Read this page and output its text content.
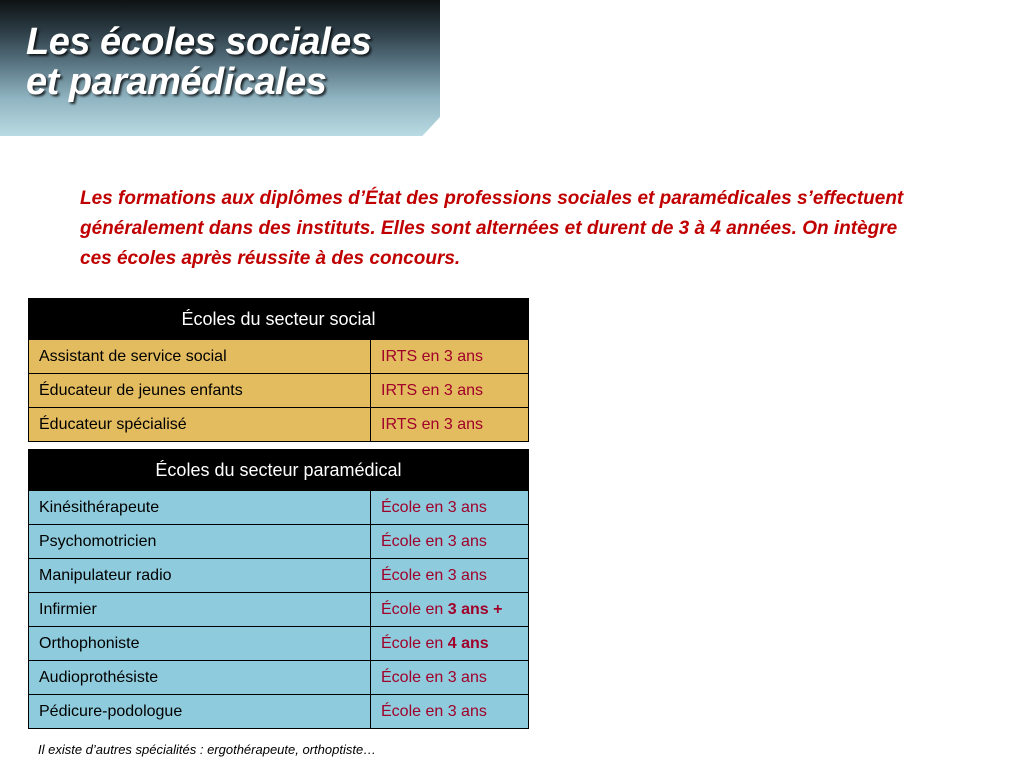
Les écoles sociales
et paramédicales

Les formations aux diplômes d’État des professions sociales et paramédicales s’effectuent généralement dans des instituts. Elles sont alternées et durent de 3 à 4 années. On intègre ces écoles après réussite à des concours.

Écoles du secteur social	
Assistant de service social	IRTS en 3 ans
Éducateur de jeunes enfants	IRTS en 3 ans
Éducateur spécialisé	IRTS en 3 ans
Écoles du secteur paramédical	
Kinésithérapeute	École en 3 ans
Psychomotricien	École en 3 ans
Manipulateur radio	École en 3 ans
Infirmier	École en 3 ans +
Orthophoniste	École en 4 ans
Audioprothésiste	École en 3 ans
Pédicure-podologue	École en 3 ans

Il existe d’autres spécialités : ergothérapeute, orthoptiste…
